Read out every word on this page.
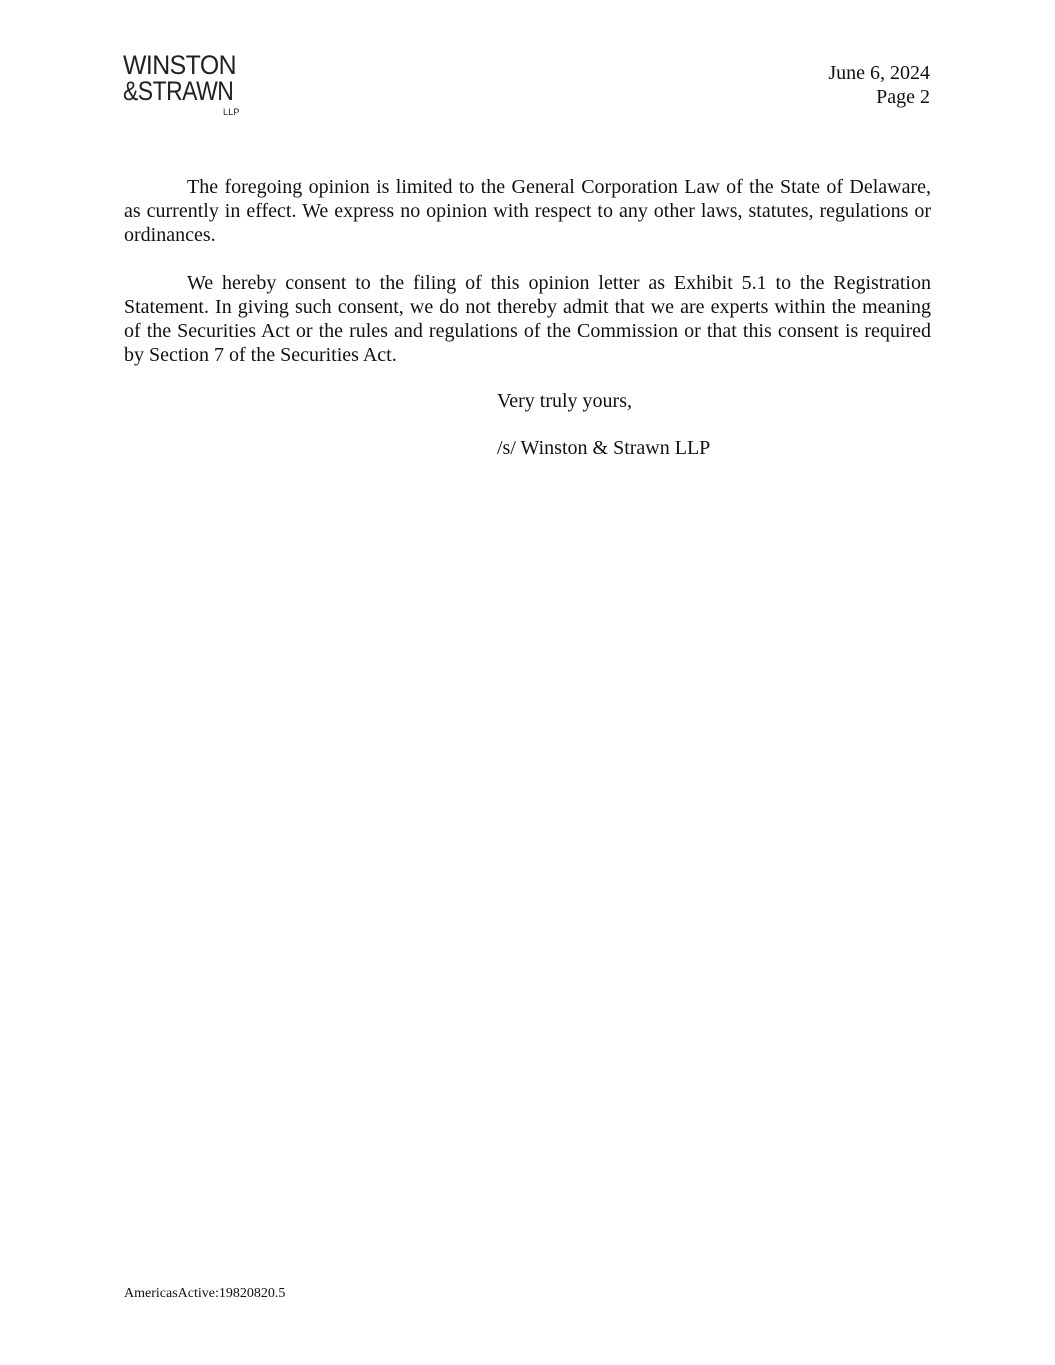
WINSTON
&STRAWN
LLP
June 6, 2024
Page 2

The foregoing opinion is limited to the General Corporation Law of the State of Delaware, as currently in effect. We express no opinion with respect to any other laws, statutes, regulations or ordinances.

We hereby consent to the filing of this opinion letter as Exhibit 5.1 to the Registration Statement. In giving such consent, we do not thereby admit that we are experts within the meaning of the Securities Act or the rules and regulations of the Commission or that this consent is required by Section 7 of the Securities Act.

Very truly yours,
/s/ Winston & Strawn LLP
AmericasActive:19820820.5
